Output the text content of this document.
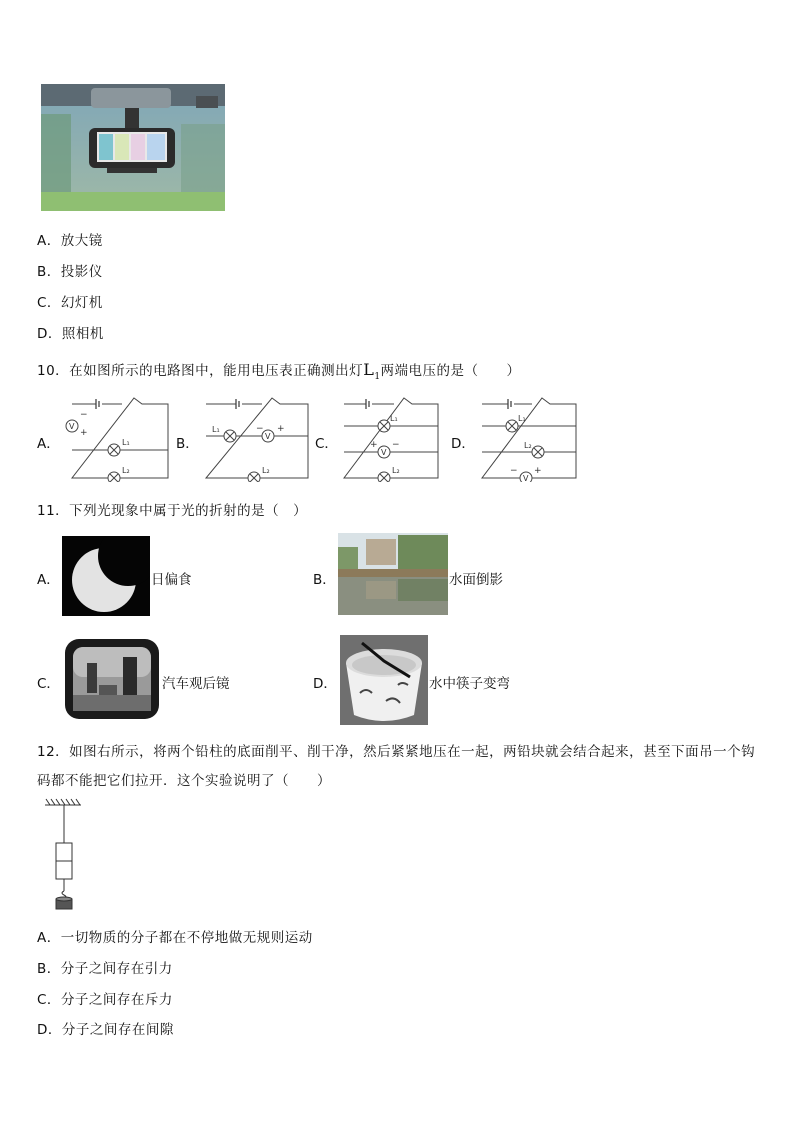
A．放大镜
B．投影仪
C．幻灯机
D．照相机
10．在如图所示的电路图中，能用电压表正确测出灯$L_1$两端电压的是（　　）
A．
V
−
+
L₁
L₂
B．
L₁
V
− +
L₂
C．
L₁
V
+ −
L₂
D．
L₁
L₂
V
− +
11．下列光现象中属于光的折射的是（　）
A．	日偏食	B．	水面倒影
C．	汽车观后镜	D．	水中筷子变弯
12．如图右所示，将两个铅柱的底面削平、削干净，然后紧紧地压在一起，两铅块就会结合起来，甚至下面吊一个钩
码都不能把它们拉开．这个实验说明了（　　）
A．一切物质的分子都在不停地做无规则运动
B．分子之间存在引力
C．分子之间存在斥力
D．分子之间存在间隙
